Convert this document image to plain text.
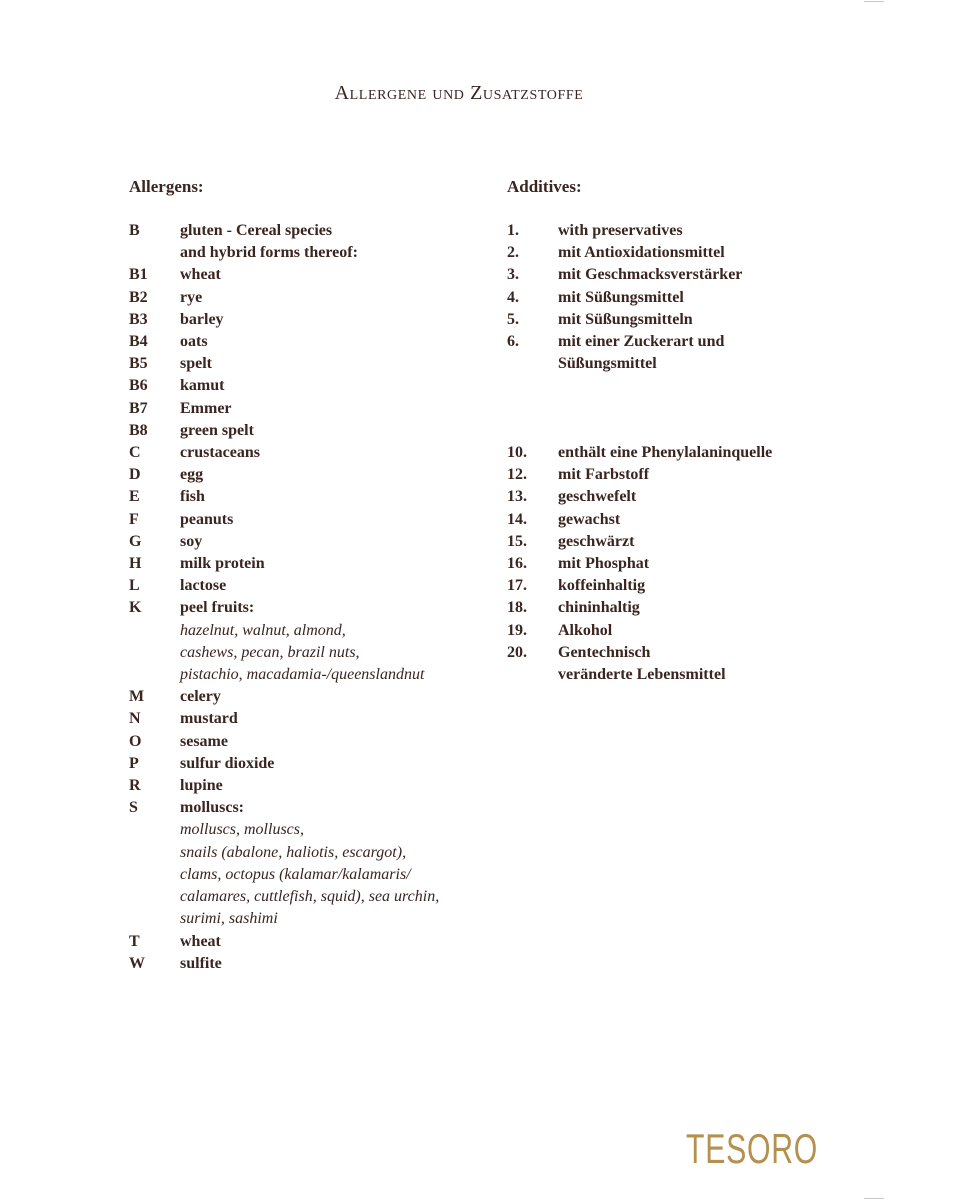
Allergene und Zusatzstoffe
Allergens:
B	gluten - Cereal species
and hybrid forms thereof:
B1	wheat
B2	rye
B3	barley
B4	oats
B5	spelt
B6	kamut
B7	Emmer
B8	green spelt
C	crustaceans
D	egg
E	fish
F	peanuts
G	soy
H	milk protein
L	lactose
K	peel fruits:
hazelnut, walnut, almond,
cashews, pecan, brazil nuts,
pistachio, macadamia-/queenslandnut
M	celery
N	mustard
O	sesame
P	sulfur dioxide
R	lupine
S	molluscs:
molluscs, molluscs,
snails (abalone, haliotis, escargot),
clams, octopus (kalamar/kalamaris/
calamares, cuttlefish, squid), sea urchin,
surimi, sashimi
T	wheat
W	sulfite
Additives:
1.	with preservatives
2.	mit Antioxidationsmittel
3.	mit Geschmacksverstärker
4.	mit Süßungsmittel
5.	mit Süßungsmitteln
6.	mit einer Zuckerart und
Süßungsmittel
10.	enthält eine Phenylalaninquelle
12.	mit Farbstoff
13.	geschwefelt
14.	gewachst
15.	geschwärzt
16.	mit Phosphat
17.	koffeinhaltig
18.	chininhaltig
19.	Alkohol
20.	Gentechnisch
veränderte Lebensmittel
TESORO
